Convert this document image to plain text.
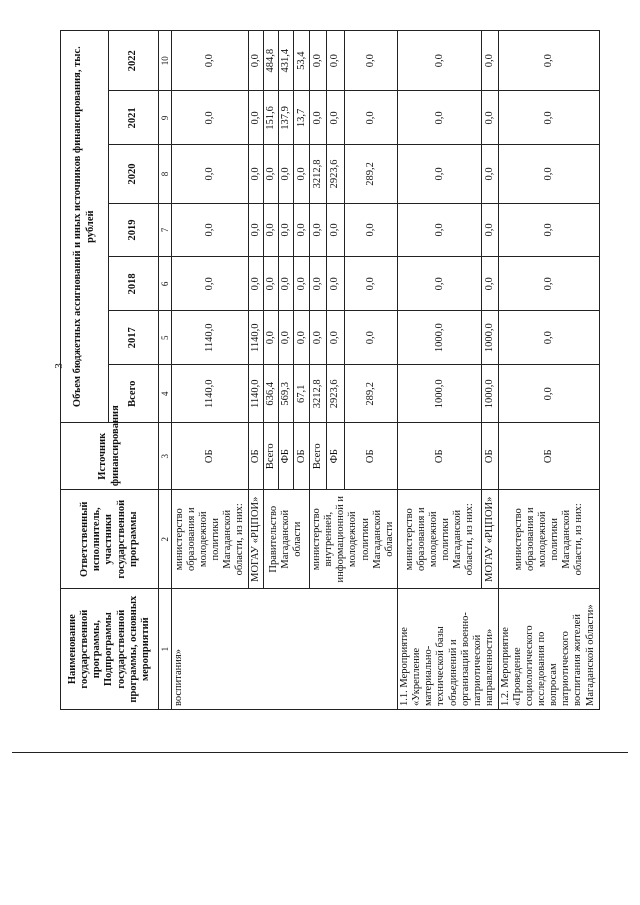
3
Наименование государственной программы, Подпрограммы государственной программы, основных мероприятий	Ответственный исполнитель, участники государственной программы	Источник финансирования	Объем бюджетных ассигнований и иных источников финансирования, тыс. рублей						
			Всего	2017	2018	2019	2020	2021	2022
1	2	3	4	5	6	7	8	9	10
воспитания»	министерство образования и молодежной политики Магаданской области, из них:	ОБ	1140,0	1140,0	0,0	0,0	0,0	0,0	0,0
	МОГАУ «РЦПОИ»	ОБ	1140,0	1140,0	0,0	0,0	0,0	0,0	0,0
	Правительство Магаданской области	Всего	636,4	0,0	0,0	0,0	0,0	151,6	484,8
		ФБ	569,3	0,0	0,0	0,0	0,0	137,9	431,4
		ОБ	67,1	0,0	0,0	0,0	0,0	13,7	53,4
	министерство внутренней, информационной и молодежной политики Магаданской области	Всего	3212,8	0,0	0,0	0,0	3212,8	0,0	0,0
		ФБ	2923,6	0,0	0,0	0,0	2923,6	0,0	0,0
		ОБ	289,2	0,0	0,0	0,0	289,2	0,0	0,0
1.1. Мероприятие «Укрепление материально-технической базы объединений и организаций военно-патриотической направленности»	министерство образования и молодежной политики Магаданской области, из них:	ОБ	1000,0	1000,0	0,0	0,0	0,0	0,0	0,0
	МОГАУ «РЦПОИ»	ОБ	1000,0	1000,0	0,0	0,0	0,0	0,0	0,0
1.2. Мероприятие «Проведение социологического исследования по вопросам патриотического воспитания жителей Магаданской области»	министерство образования и молодежной политики Магаданской области, из них:	ОБ	0,0	0,0	0,0	0,0	0,0	0,0	0,0
